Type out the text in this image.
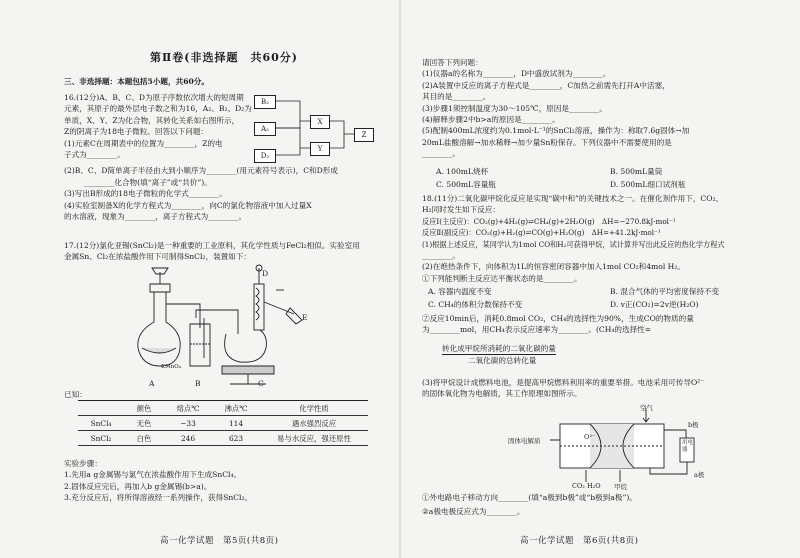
第Ⅱ卷(非选择题　共60分)
三、非选择题：本题包括5小题，共60分。
16.(12分)A、B、C、D为原子序数依次增大的短周期
元素，其原子的最外层电子数之和为16，A₂、B₂、D₂为
单质，X、Y、Z为化合物，其转化关系如右图所示，
Z的阴离子为18电子微粒。回答以下问题：
(1)元素C在周期表中的位置为________，Z的电
子式为________。
(2)B、C、D简单离子半径由大到小顺序为________(用元素符号表示)，C和D形成
________化合物(填“离子”或“共价”)。
(3)写出B形成的18电子微粒的化学式________。
(4)实验室制备X的化学方程式为________，向C的氯化物溶液中加入过量X
的水溶液，现象为________，离子方程式为________。
B₂
A₂
D₂
X
Y
Z
17.(12分)氯化亚锡(SnCl₂)是一种重要的工业原料，其化学性质与FeCl₂相似。实验室用
金属Sn、Cl₂在浓盐酸作用下可制得SnCl₂，装置如下：
A	B	C
D
E
KMnO₄
已知：
	颜色	熔点℃	沸点℃	化学性质
SnCl₄	无色	−33	114	遇水强烈反应
SnCl₂	白色	246	623	易与水反应，强还原性
实验步骤：
1.先用a g金属锡与氯气在浓盐酸作用下生成SnCl₄。
2.固体反应完后，再加入b g金属锡(b>a)。
3.充分反应后，将所得溶液经一系列操作，获得SnCl₂。
高一化学试题　第5页(共8页)
请回答下列问题：
(1)仪器a的名称为________，D中盛放试剂为________。
(2)A装置中反应的离子方程式是________，C加热之前需先打开A中活塞，
其目的是________。
(3)步骤1须控制温度为30～105℃，原因是________。
(4)解释步骤2中b>a的原因是________。
(5)配制400mL浓度约为0.1mol·L⁻¹的SnCl₂溶液，操作为：称取7.6g固体→加
20mL盐酸溶解→加水稀释→加少量Sn粉保存。下列仪器中不需要使用的是
________。
A. 100mL烧杯	B. 500mL量筒
C. 500mL容量瓶	D. 500mL细口试剂瓶
18.(11分)二氧化碳甲烷化反应是实现“碳中和”的关键技术之一。在催化剂作用下，CO₂、
H₂同时发生如下反应：
反应Ⅰ(主反应)：CO₂(g)+4H₂(g)⇌CH₄(g)+2H₂O(g)　ΔH=−270.8kJ·mol⁻¹
反应Ⅱ(副反应)：CO₂(g)+H₂(g)⇌CO(g)+H₂O(g)　ΔH=+41.2kJ·mol⁻¹
(1)根据上述反应，某同学认为1mol CO和H₂可获得甲烷，试计算并写出此反应的热化学方程式
________。
(2)在绝热条件下，向体积为1L的恒容密闭容器中加入1mol CO₂和4mol H₂。
①下列能判断主反应达平衡状态的是________。
A. 容器内温度不变	B. 混合气体的平均密度保持不变
C. CH₄的体积分数保持不变	D. v正(CO₂)=2v逆(H₂O)
②反应10min后，消耗0.8mol CO₂，CH₄的选择性为90%，生成CO的物质的量
为________mol，用CH₄表示反应速率为________。(CH₄的选择性=
转化成甲烷所消耗的二氧化碳的量
二氧化碳的总转化量
(3)将甲烷设计成燃料电池，是提高甲烷燃料利用率的重要举措。电池采用可传导O²⁻
的固体氧化物为电解质，其工作原理如图所示。
空气
b极
a极
固体电解质	用电器
CO₂ H₂O 甲烷
O²⁻
①外电路电子移动方向________(填“a极到b极”或“b极到a极”)。
②a极电极反应式为________。
高一化学试题　第6页(共8页)
